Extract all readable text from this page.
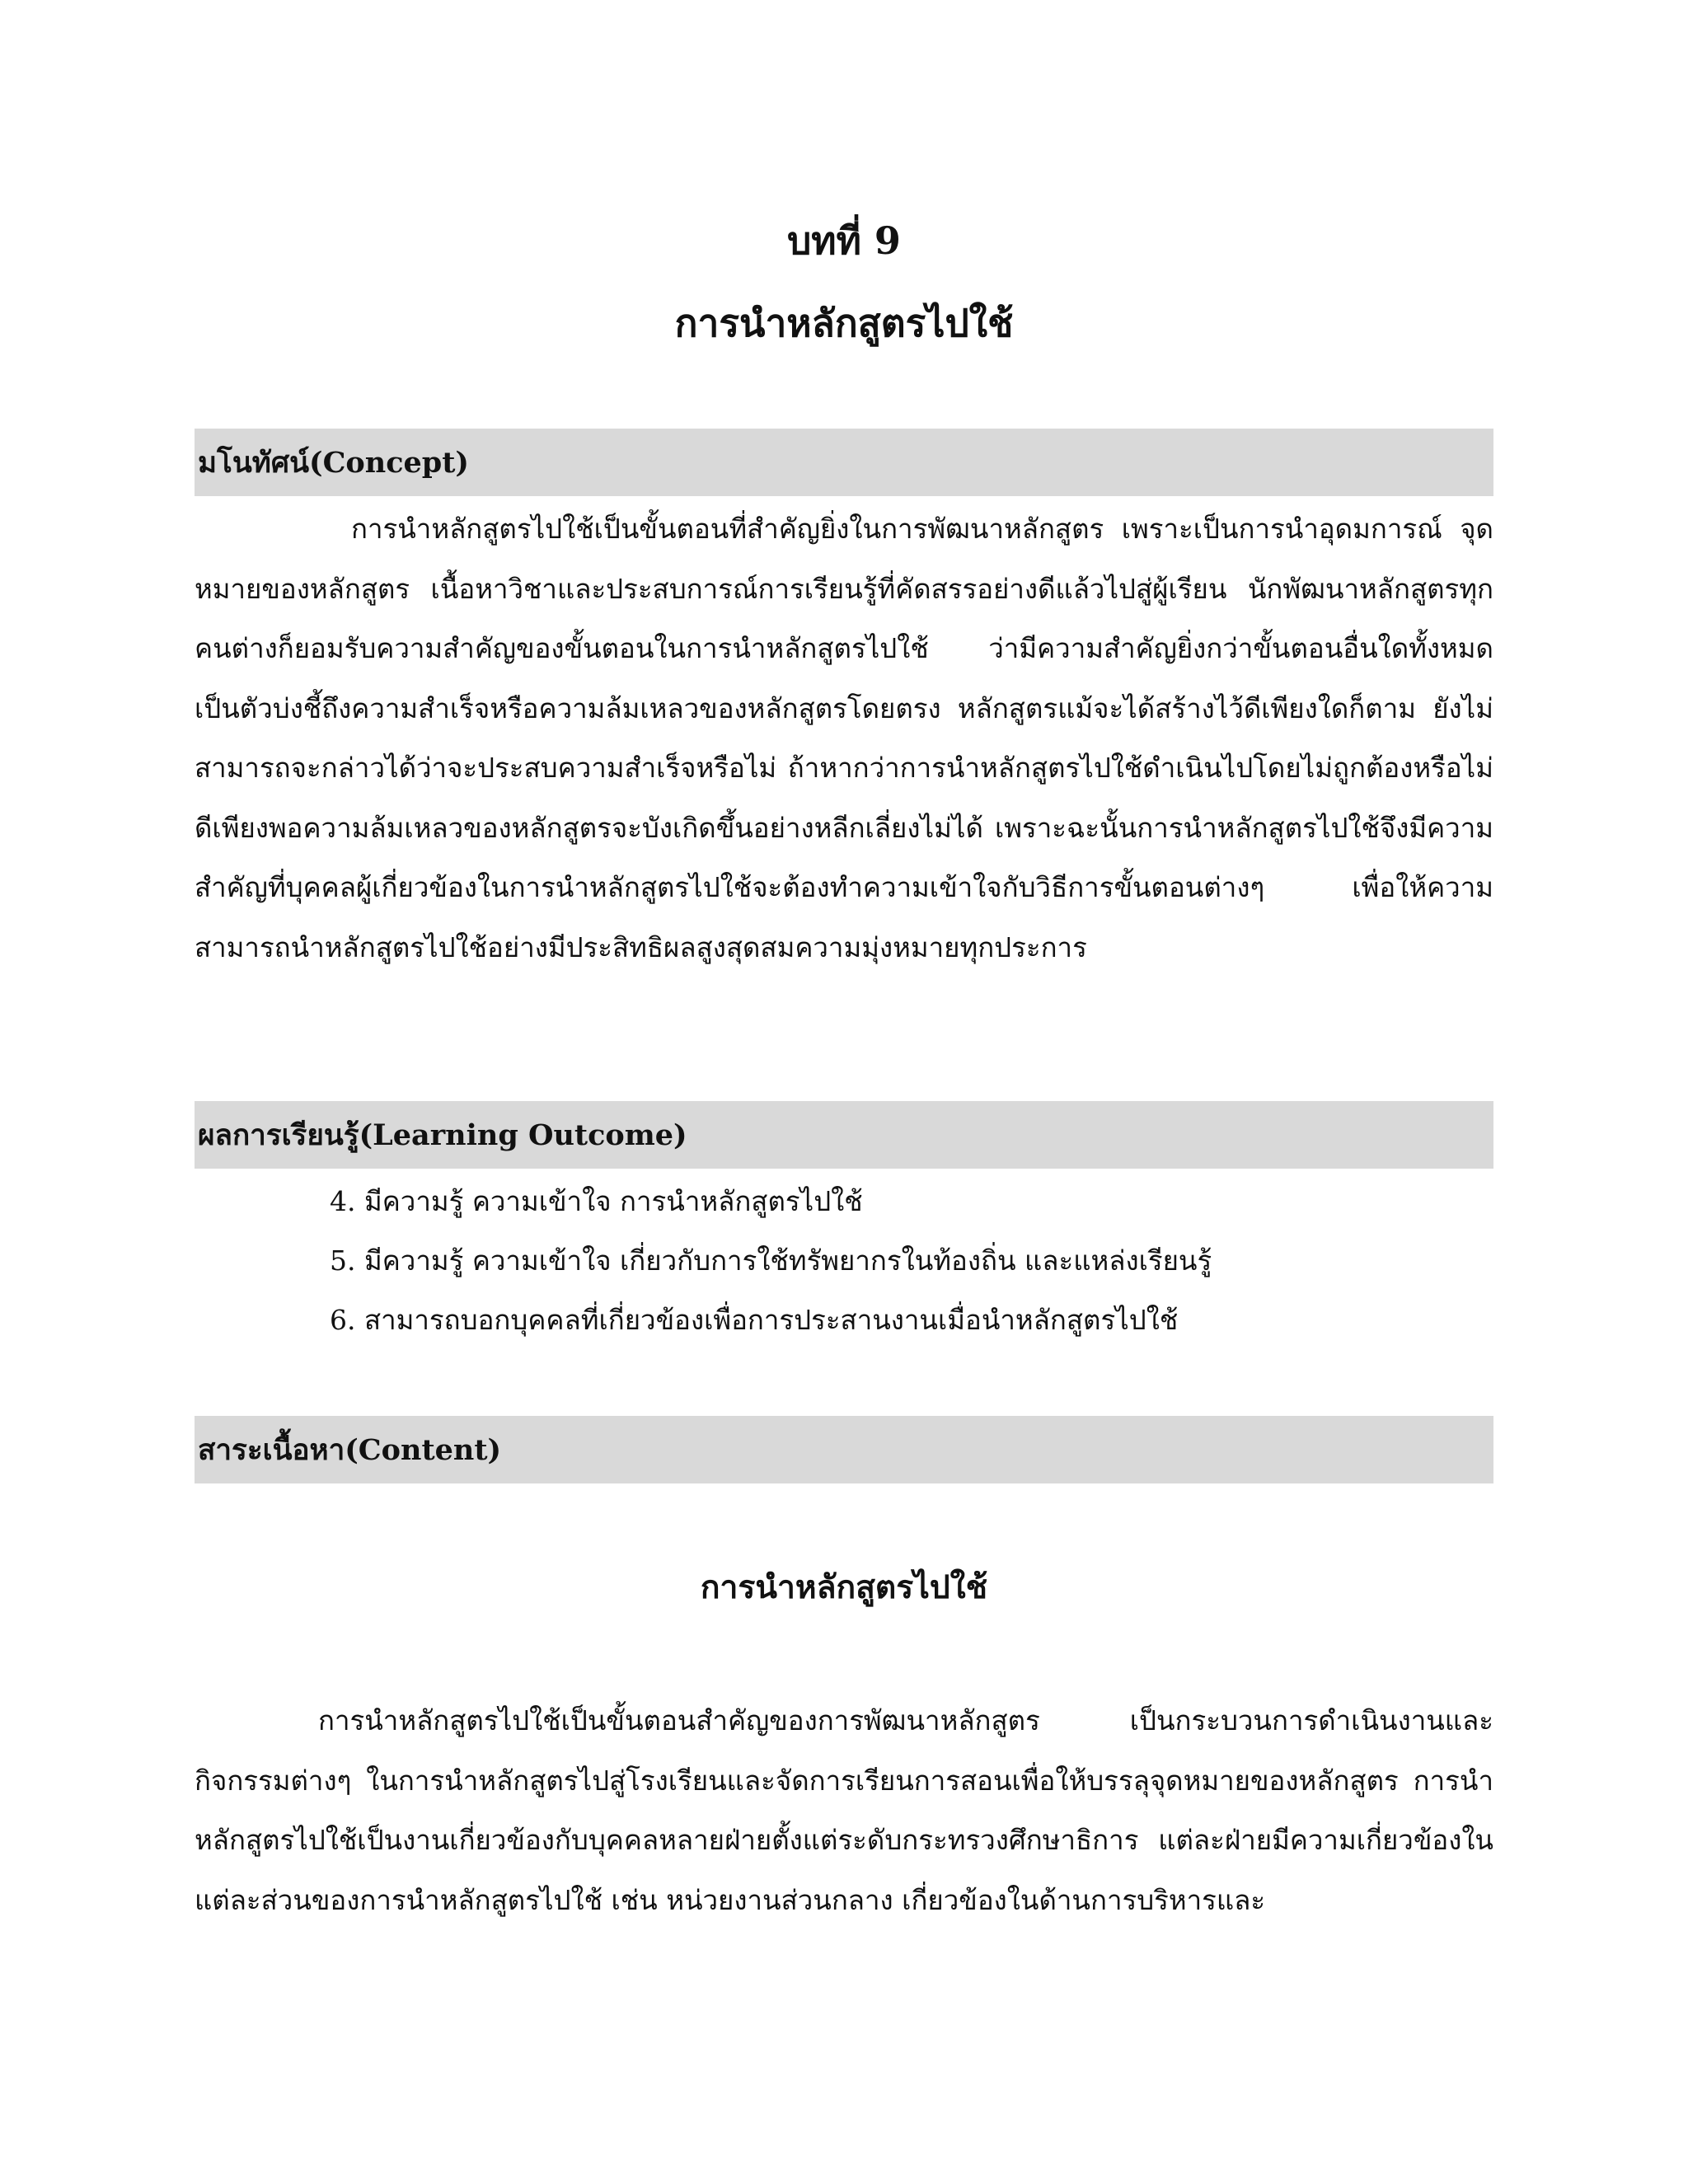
บทที่ 9
การนำหลักสูตรไปใช้
มโนทัศน์(Concept)

การนำหลักสูตรไปใช้เป็นขั้นตอนที่สำคัญยิ่งในการพัฒนาหลักสูตร เพราะเป็นการนำอุดมการณ์ จุดหมายของหลักสูตร เนื้อหาวิชาและประสบการณ์การเรียนรู้ที่คัดสรรอย่างดีแล้วไปสู่ผู้เรียน นักพัฒนาหลักสูตรทุกคนต่างก็ยอมรับความสำคัญของขั้นตอนในการนำหลักสูตรไปใช้ ว่ามีความสำคัญยิ่งกว่าขั้นตอนอื่นใดทั้งหมด เป็นตัวบ่งชี้ถึงความสำเร็จหรือความล้มเหลวของหลักสูตรโดยตรง หลักสูตรแม้จะได้สร้างไว้ดีเพียงใดก็ตาม ยังไม่สามารถจะกล่าวได้ว่าจะประสบความสำเร็จหรือไม่ ถ้าหากว่าการนำหลักสูตรไปใช้ดำเนินไปโดยไม่ถูกต้องหรือไม่ดีเพียงพอความล้มเหลวของหลักสูตรจะบังเกิดขึ้นอย่างหลีกเลี่ยงไม่ได้ เพราะฉะนั้นการนำหลักสูตรไปใช้จึงมีความสำคัญที่บุคคลผู้เกี่ยวข้องในการนำหลักสูตรไปใช้จะต้องทำความเข้าใจกับวิธีการขั้นตอนต่างๆ เพื่อให้ความสามารถนำหลักสูตรไปใช้อย่างมีประสิทธิผลสูงสุดสมความมุ่งหมายทุกประการ

ผลการเรียนรู้(Learning Outcome)
4. มีความรู้ ความเข้าใจ การนำหลักสูตรไปใช้
5. มีความรู้ ความเข้าใจ เกี่ยวกับการใช้ทรัพยากรในท้องถิ่น และแหล่งเรียนรู้
6. สามารถบอกบุคคลที่เกี่ยวข้องเพื่อการประสานงานเมื่อนำหลักสูตรไปใช้
สาระเนื้อหา(Content)
การนำหลักสูตรไปใช้

การนำหลักสูตรไปใช้เป็นขั้นตอนสำคัญของการพัฒนาหลักสูตร เป็นกระบวนการดำเนินงานและกิจกรรมต่างๆ ในการนำหลักสูตรไปสู่โรงเรียนและจัดการเรียนการสอนเพื่อให้บรรลุจุดหมายของหลักสูตร การนำหลักสูตรไปใช้เป็นงานเกี่ยวข้องกับบุคคลหลายฝ่ายตั้งแต่ระดับกระทรวงศึกษาธิการ แต่ละฝ่ายมีความเกี่ยวข้องในแต่ละส่วนของการนำหลักสูตรไปใช้ เช่น หน่วยงานส่วนกลาง เกี่ยวข้องในด้านการบริหารและ
